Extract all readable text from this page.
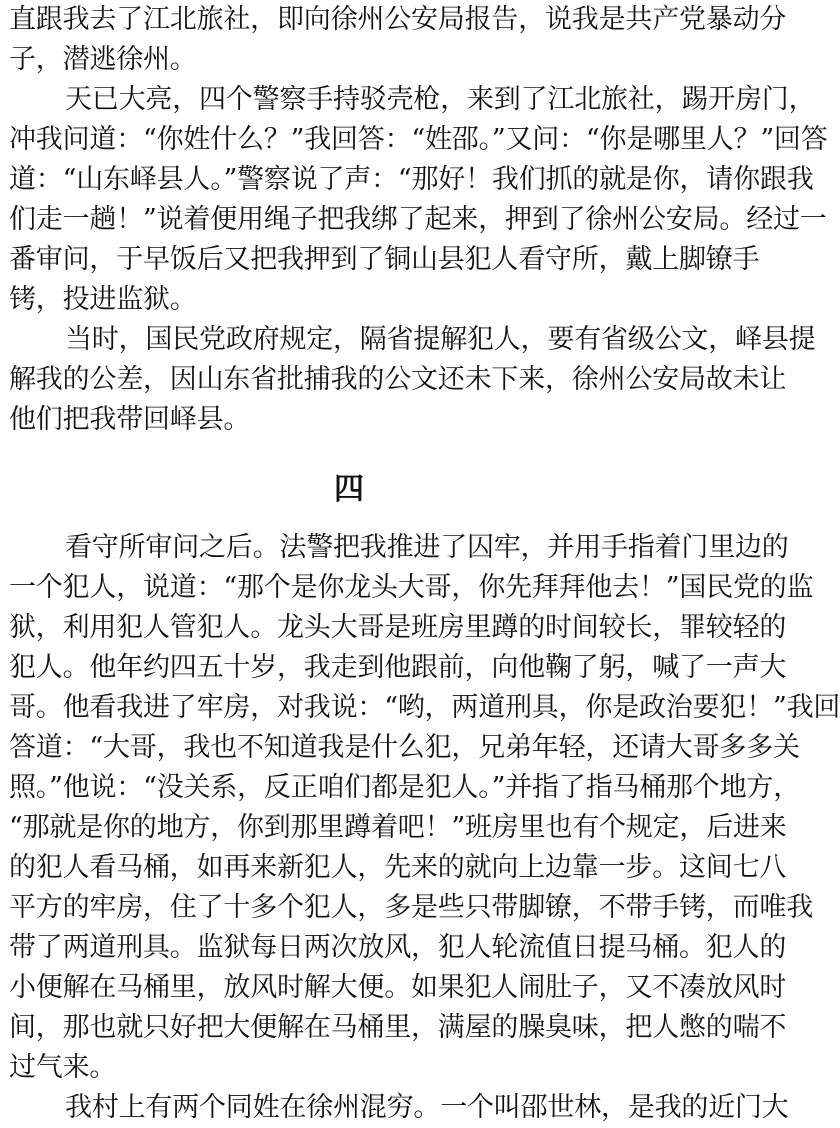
直跟我去了江北旅社，即向徐州公安局报告，说我是共产党暴动分
子，潜逃徐州。
天已大亮，四个警察手持驳壳枪，来到了江北旅社，踢开房门，
冲我问道：“你姓什么？”我回答：“姓邵。”又问：“你是哪里人？”回答
道：“山东峄县人。”警察说了声：“那好！我们抓的就是你，请你跟我
们走一趟！”说着便用绳子把我绑了起来，押到了徐州公安局。经过一
番审问，于早饭后又把我押到了铜山县犯人看守所，戴上脚镣手
铐，投进监狱。
当时，国民党政府规定，隔省提解犯人，要有省级公文，峄县提
解我的公差，因山东省批捕我的公文还未下来，徐州公安局故未让
他们把我带回峄县。
四
看守所审问之后。法警把我推进了囚牢，并用手指着门里边的
一个犯人，说道：“那个是你龙头大哥，你先拜拜他去！”国民党的监
狱，利用犯人管犯人。龙头大哥是班房里蹲的时间较长，罪较轻的
犯人。他年约四五十岁，我走到他跟前，向他鞠了躬，喊了一声大
哥。他看我进了牢房，对我说：“哟，两道刑具，你是政治要犯！”我回
答道：“大哥，我也不知道我是什么犯，兄弟年轻，还请大哥多多关
照。”他说：“没关系，反正咱们都是犯人。”并指了指马桶那个地方，
“那就是你的地方，你到那里蹲着吧！”班房里也有个规定，后进来
的犯人看马桶，如再来新犯人，先来的就向上边靠一步。这间七八
平方的牢房，住了十多个犯人，多是些只带脚镣，不带手铐，而唯我
带了两道刑具。监狱每日两次放风，犯人轮流值日提马桶。犯人的
小便解在马桶里，放风时解大便。如果犯人闹肚子，又不凑放风时
间，那也就只好把大便解在马桶里，满屋的臊臭味，把人憋的喘不
过气来。
我村上有两个同姓在徐州混穷。一个叫邵世林，是我的近门大
